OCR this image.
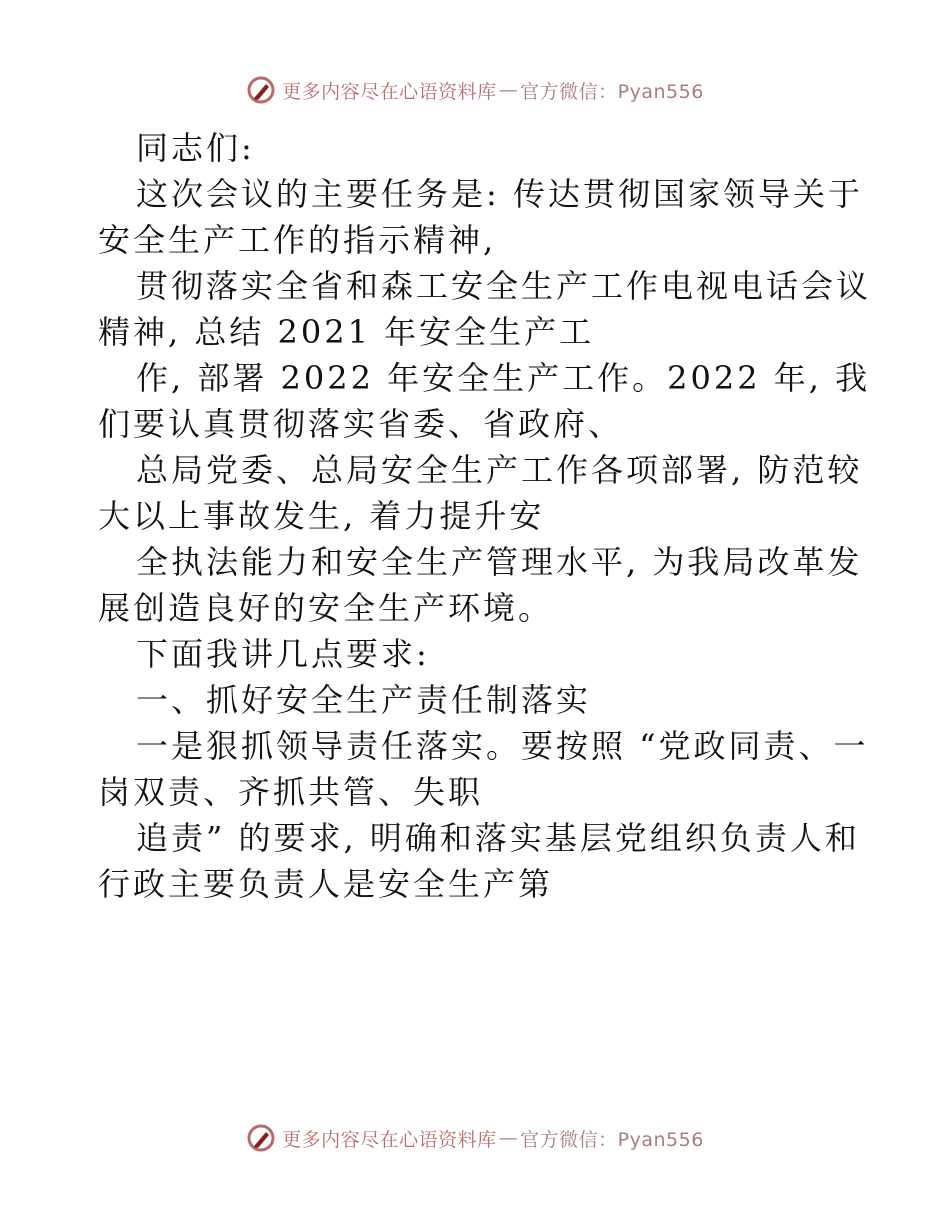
更多内容尽在心语资料库 — 官方微信：Pyan556
同志们:
这次会议的主要任务是: 传达贯彻国家领导关于
安全生产工作的指示精神,
贯彻落实全省和森工安全生产工作电视电话会议
精神, 总结 2021 年安全生产工
作, 部署 2022 年安全生产工作。2022 年, 我
们要认真贯彻落实省委、省政府、
总局党委、总局安全生产工作各项部署, 防范较
大以上事故发生, 着力提升安
全执法能力和安全生产管理水平, 为我局改革发
展创造良好的安全生产环境。
下面我讲几点要求:
一、抓好安全生产责任制落实
一是狠抓领导责任落实。要按照 “党政同责、一
岗双责、齐抓共管、失职
追责” 的要求, 明确和落实基层党组织负责人和
行政主要负责人是安全生产第
更多内容尽在心语资料库 — 官方微信：Pyan556
